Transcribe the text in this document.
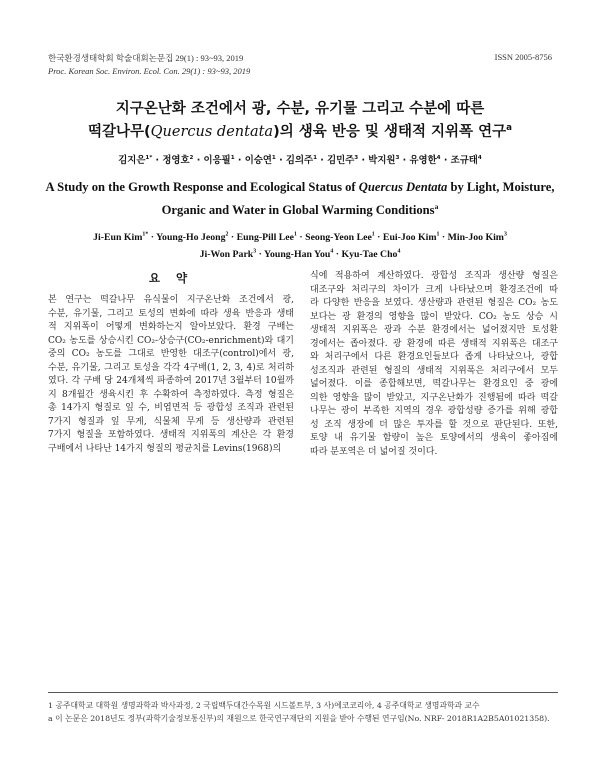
한국환경생태학회 학술대회논문집 29(1) : 93~93, 2019
Proc. Korean Soc. Environ. Ecol. Con. 29(1) : 93~93, 2019
ISSN 2005-8756
지구온난화 조건에서 광, 수분, 유기물 그리고 수분에 따른
떡갈나무(Quercus dentata)의 생육 반응 및 생태적 지위폭 연구$^a$
김지은$^{1*}$ · 정영호$^2$ · 이응필$^1$ · 이승연$^1$ · 김의주$^1$ · 김민주$^3$ · 박지원$^3$ · 유영한$^4$ · 조규태$^4$
A Study on the Growth Response and Ecological Status of Quercus Dentata by Light, Moisture,
Organic and Water in Global Warming Conditions$^a$
Ji-Eun Kim$^{1*}$ · Young-Ho Jeong$^2$ · Eung-Pill Lee$^1$ · Seong-Yeon Lee$^1$ · Eui-Joo Kim$^1$ · Min-Joo Kim$^3$
Ji-Won Park$^3$ · Young-Han You$^4$ · Kyu-Tae Cho$^4$
요 약
본 연구는 떡갈나무 유식물이 지구온난화 조건에서 광,
수분, 유기물, 그리고 토성의 변화에 따라 생육 반응과 생태
적 지위폭이 어떻게 변화하는지 알아보았다. 환경 구배는
CO₂ 농도를 상승시킨 CO₂-상승구(CO₂-enrichment)와 대기
중의 CO₂ 농도를 그대로 반영한 대조구(control)에서 광,
수분, 유기물, 그리고 토성을 각각 4구배(1, 2, 3, 4)로 처리하
였다. 각 구배 당 24개체씩 파종하여 2017년 3월부터 10월까
지 8개월간 생육시킨 후 수확하여 측정하였다. 측정 형질은
총 14가지 형질로 잎 수, 비엽면적 등 광합성 조직과 관련된
7가지 형질과 잎 무게, 식물체 무게 등 생산량과 관련된
7가지 형질을 포함하였다. 생태적 지위폭의 계산은 각 환경
구배에서 나타난 14가지 형질의 평균치를 Levins(1968)의
식에 적용하여 계산하였다. 광합성 조직과 생산량 형질은
대조구와 처리구의 차이가 크게 나타났으며 환경조건에 따
라 다양한 반응을 보였다. 생산량과 관련된 형질은 CO₂ 농도
보다는 광 환경의 영향을 많이 받았다. CO₂ 농도 상승 시
생태적 지위폭은 광과 수분 환경에서는 넓어졌지만 토성환
경에서는 좁아졌다. 광 환경에 따른 생태적 지위폭은 대조구
와 처리구에서 다른 환경요인들보다 좁게 나타났으나, 광합
성조직과 관련된 형질의 생태적 지위폭은 처리구에서 모두
넓어졌다. 이를 종합해보면, 떡갈나무는 환경요인 중 광에
의한 영향을 많이 받았고, 지구온난화가 진행됨에 따라 떡갈
나무는 광이 부족한 지역의 경우 광합성량 증가를 위해 광합
성 조직 생장에 더 많은 투자를 할 것으로 판단된다. 또한,
토양 내 유기물 함량이 높은 토양에서의 생육이 좋아짐에
따라 분포역은 더 넓어질 것이다.
1 공주대학교 대학원 생명과학과 박사과정, 2 국립백두대간수목원 시드볼트부, 3 사)에코코리아, 4 공주대학교 생명과학과 교수
a 이 논문은 2018년도 정부(과학기술정보통신부)의 재원으로 한국연구재단의 지원을 받아 수행된 연구임(No. NRF- 2018R1A2B5A01021358).
